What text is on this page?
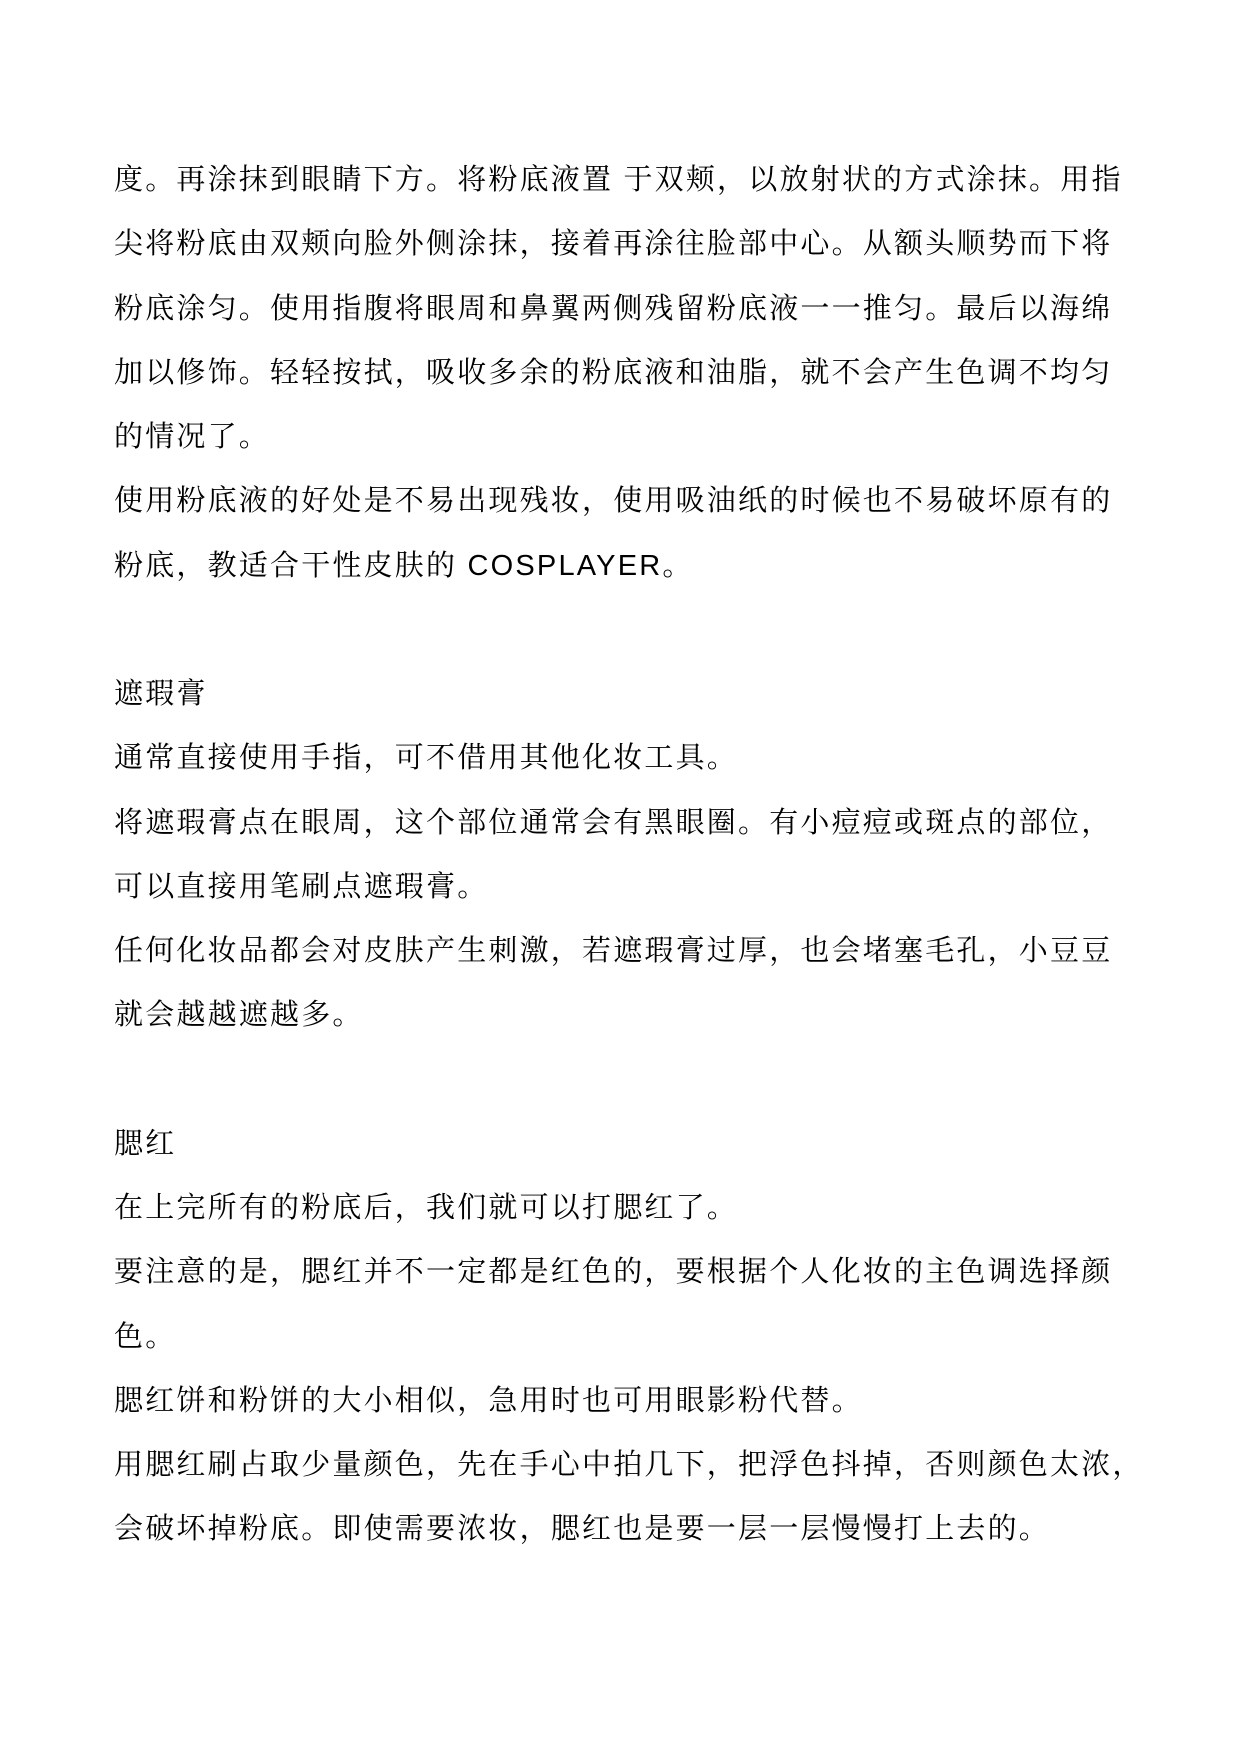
度。再涂抹到眼睛下方。将粉底液置 于双颊，以放射状的方式涂抹。用指
尖将粉底由双颊向脸外侧涂抹，接着再涂往脸部中心。从额头顺势而下将
粉底涂匀。使用指腹将眼周和鼻翼两侧残留粉底液一一推匀。最后以海绵
加以修饰。轻轻按拭，吸收多余的粉底液和油脂，就不会产生色调不均匀
的情况了。
使用粉底液的好处是不易出现残妆，使用吸油纸的时候也不易破坏原有的
粉底，教适合干性皮肤的 COSPLAYER。
遮瑕膏
通常直接使用手指，可不借用其他化妆工具。
将遮瑕膏点在眼周，这个部位通常会有黑眼圈。有小痘痘或斑点的部位，
可以直接用笔刷点遮瑕膏。
任何化妆品都会对皮肤产生刺激，若遮瑕膏过厚，也会堵塞毛孔，小豆豆
就会越越遮越多。
腮红
在上完所有的粉底后，我们就可以打腮红了。
要注意的是，腮红并不一定都是红色的，要根据个人化妆的主色调选择颜
色。
腮红饼和粉饼的大小相似，急用时也可用眼影粉代替。
用腮红刷占取少量颜色，先在手心中拍几下，把浮色抖掉，否则颜色太浓，
会破坏掉粉底。即使需要浓妆，腮红也是要一层一层慢慢打上去的。
